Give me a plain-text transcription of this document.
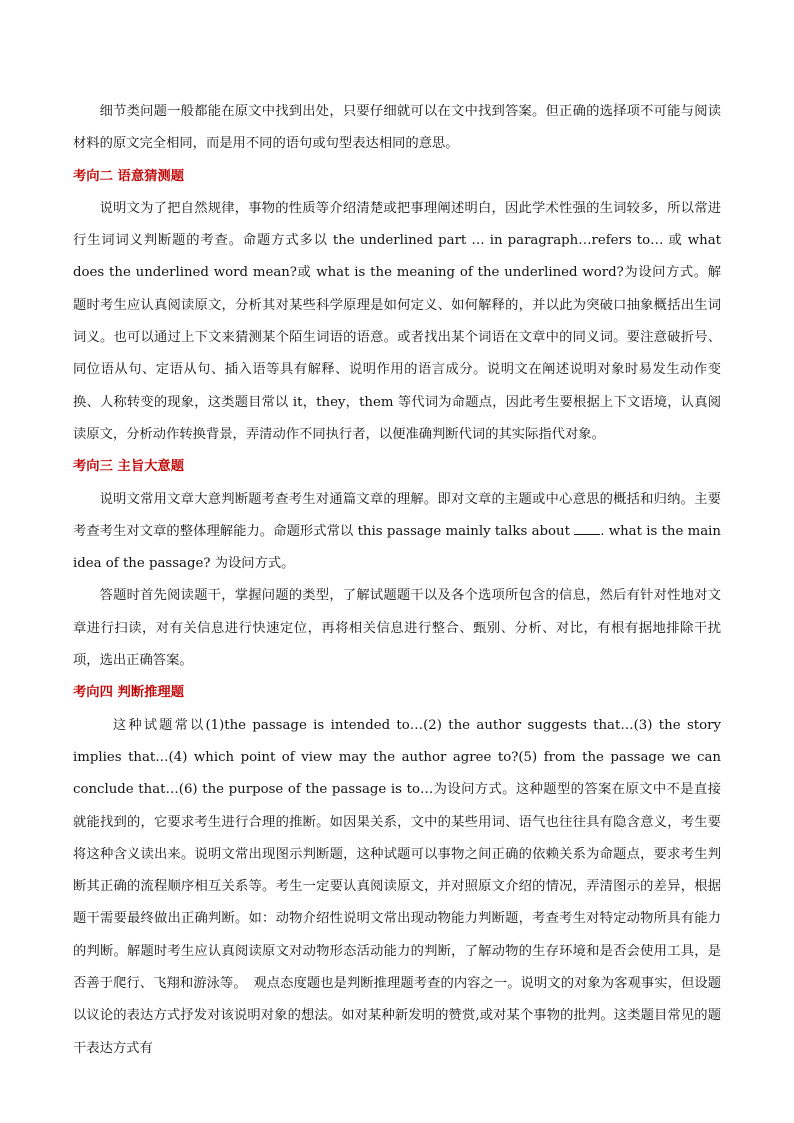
细节类问题一般都能在原文中找到出处，只要仔细就可以在文中找到答案。但正确的选择项不可能与阅读材料的原文完全相同，而是用不同的语句或句型表达相同的意思。

考向二 语意猜测题

说明文为了把自然规律，事物的性质等介绍清楚或把事理阐述明白，因此学术性强的生词较多，所以常进行生词词义判断题的考查。命题方式多以 the underlined part … in paragraph…refers to… 或 what does the underlined word mean?或 what is the meaning of the underlined word?为设问方式。解题时考生应认真阅读原文，分析其对某些科学原理是如何定义、如何解释的，并以此为突破口抽象概括出生词词义。也可以通过上下文来猜测某个陌生词语的语意。或者找出某个词语在文章中的同义词。要注意破折号、同位语从句、定语从句、插入语等具有解释、说明作用的语言成分。说明文在阐述说明对象时易发生动作变换、人称转变的现象，这类题目常以 it，they，them 等代词为命题点，因此考生要根据上下文语境，认真阅读原文，分析动作转换背景，弄清动作不同执行者，以便准确判断代词的其实际指代对象。

考向三 主旨大意题

说明文常用文章大意判断题考查考生对通篇文章的理解。即对文章的主题或中心意思的概括和归纳。主要考查考生对文章的整体理解能力。命题形式常以 this passage mainly talks about . what is the main idea of the passage? 为设问方式。

答题时首先阅读题干，掌握问题的类型，了解试题题干以及各个选项所包含的信息，然后有针对性地对文章进行扫读，对有关信息进行快速定位，再将相关信息进行整合、甄别、分析、对比，有根有据地排除干扰项，选出正确答案。

考向四 判断推理题

这种试题常以(1)the passage is intended to…(2) the author suggests that…(3) the story implies that…(4) which point of view may the author agree to?(5) from the passage we can conclude that…(6) the purpose of the passage is to…为设问方式。这种题型的答案在原文中不是直接就能找到的，它要求考生进行合理的推断。如因果关系，文中的某些用词、语气也往往具有隐含意义，考生要将这种含义读出来。说明文常出现图示判断题，这种试题可以事物之间正确的依赖关系为命题点，要求考生判断其正确的流程顺序相互关系等。考生一定要认真阅读原文，并对照原文介绍的情况，弄清图示的差异，根据题干需要最终做出正确判断。如：动物介绍性说明文常出现动物能力判断题，考查考生对特定动物所具有能力的判断。解题时考生应认真阅读原文对动物形态活动能力的判断，了解动物的生存环境和是否会使用工具，是否善于爬行、飞翔和游泳等。　观点态度题也是判断推理题考查的内容之一。说明文的对象为客观事实，但设题以议论的表达方式抒发对该说明对象的想法。如对某种新发明的赞赏,或对某个事物的批判。这类题目常见的题干表达方式有
